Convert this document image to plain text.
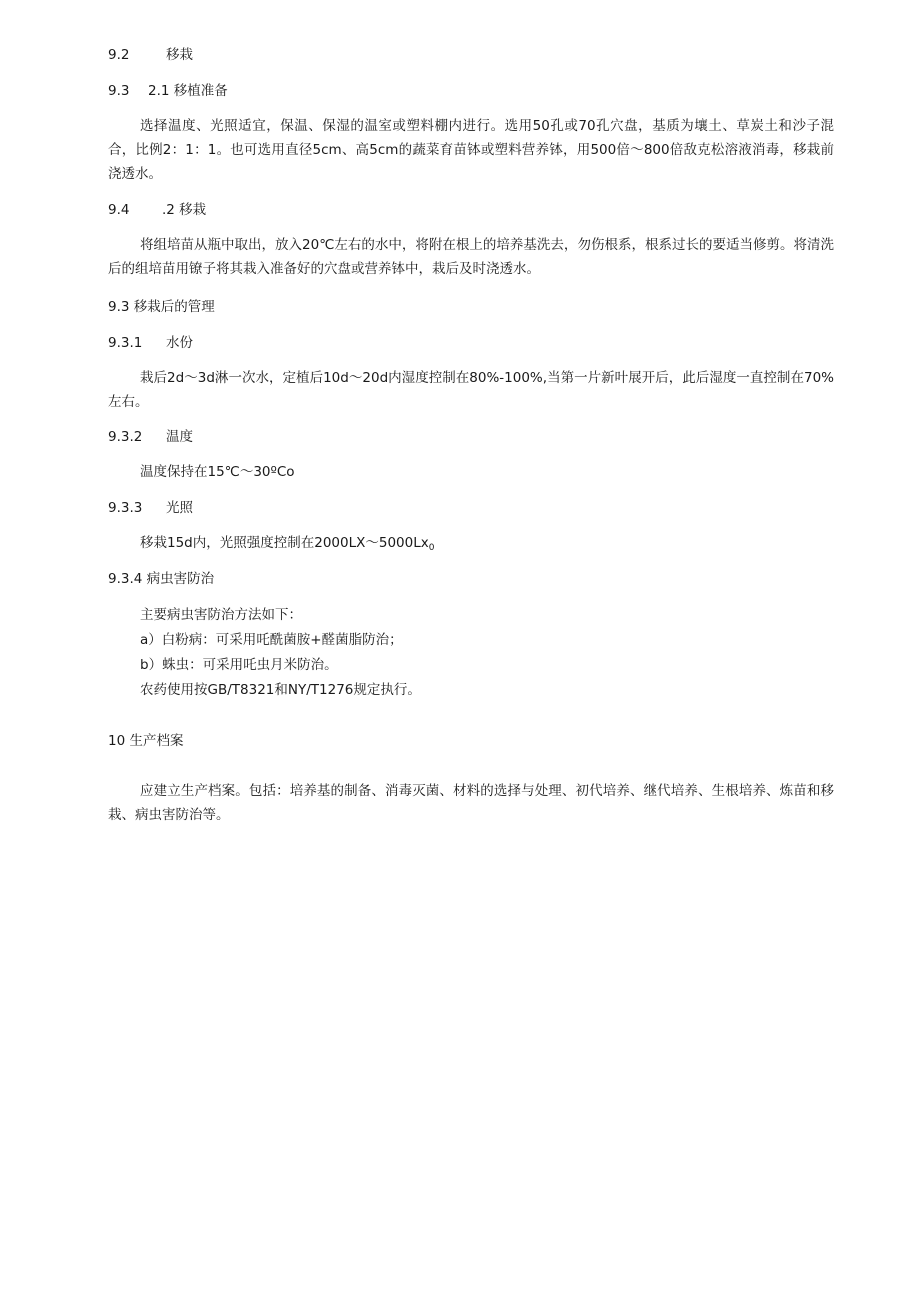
9.2	移栽
9.3 2.1 移植准备

选择温度、光照适宜，保温、保湿的温室或塑料棚内进行。选用50孔或70孔穴盘，基质为壤土、草炭土和沙子混合，比例2：1：1。也可选用直径5cm、高5cm的蔬菜育苗钵或塑料营养钵，用500倍～800倍敌克松溶液消毒，移栽前浇透水。

9.4 .2 移栽

将组培苗从瓶中取出，放入20℃左右的水中，将附在根上的培养基洗去，勿伤根系，根系过长的要适当修剪。将清洗后的组培苗用镣子将其栽入准备好的穴盘或营养钵中，栽后及时浇透水。

9.3 移栽后的管理
9.3.1 水份

栽后2d～3d淋一次水，定植后10d～20d内湿度控制在80%-100%,当第一片新叶展开后，此后湿度一直控制在70%左右。

9.3.2 温度

温度保持在15℃～30ºCo

9.3.3 光照

移栽15d内，光照强度控制在$2000LX\sim 5000Lx_0$

9.3.4 病虫害防治
主要病虫害防治方法如下：
a）白粉病：可采用吒酰菌胺+醛菌脂防治；
b）蛛虫：可采用吒虫月米防治。
农药使用按GB/T8321和NY/T1276规定执行。
10 生产档案

应建立生产档案。包括：培养基的制备、消毒灭菌、材料的选择与处理、初代培养、继代培养、生根培养、炼苗和移栽、病虫害防治等。
